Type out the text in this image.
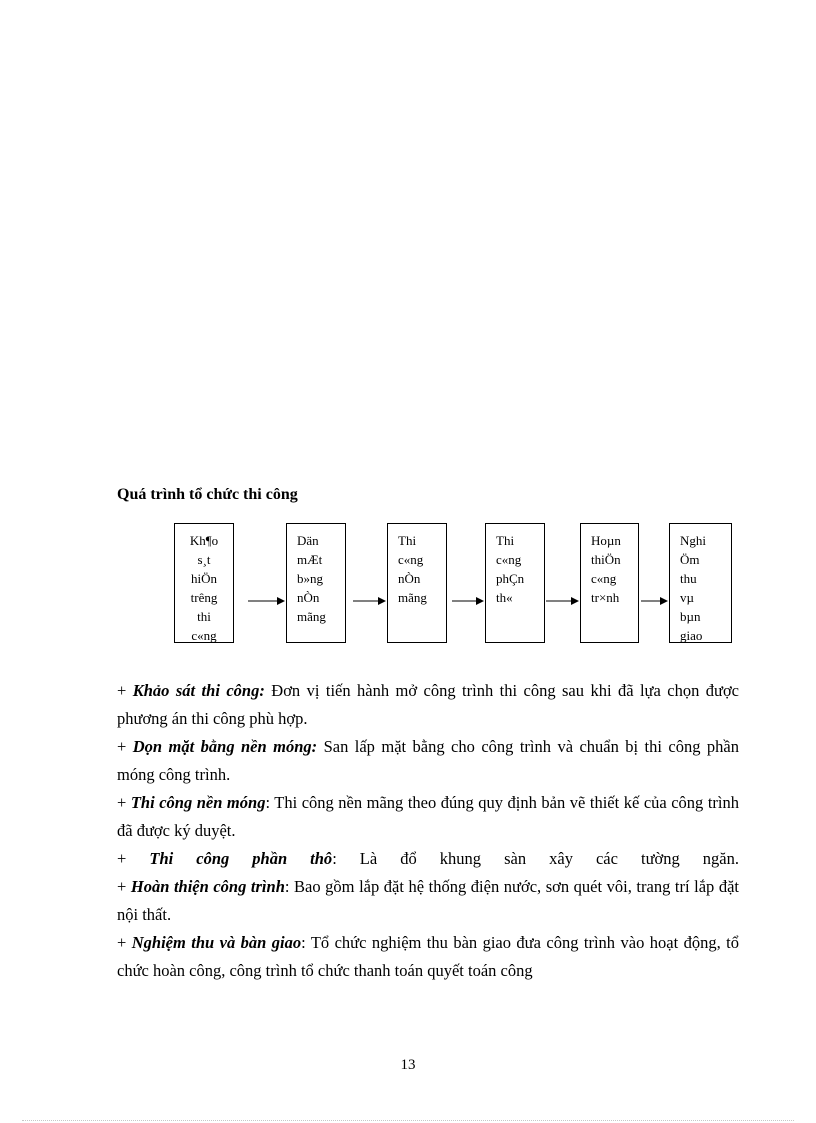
Quá trình tổ chức thi công
Kh¶o
s¸t
hiÖn
trêng
thi
c«ng
Dän
mÆt
b»ng
nÒn
mãng
Thi
c«ng
nÒn
mãng
Thi
c«ng
phÇn
th«
Hoµn
thiÖn
c«ng
tr×nh
Nghi
Öm
thu
vµ
bµn
giao

+ Khảo sát thi công: Đơn vị tiến hành mở công trình thi công sau khi đã lựa chọn được phương án thi công phù hợp.

+ Dọn mặt bằng nền móng: San lấp mặt bằng cho công trình và chuẩn bị thi công phần móng công trình.

+ Thi công nền móng: Thi công nền mãng theo đúng quy định bản vẽ thiết kế của công trình đã được ký duyệt.

+ Thi công phần thô: Là đổ khung sàn xây các tường ngăn.

+ Hoàn thiện công trình: Bao gồm lắp đặt hệ thống điện nước, sơn quét vôi, trang trí lắp đặt nội thất.

+ Nghiệm thu và bàn giao: Tổ chức nghiệm thu bàn giao đưa công trình vào hoạt động, tổ chức hoàn công, công trình tổ chức thanh toán quyết toán công

13
